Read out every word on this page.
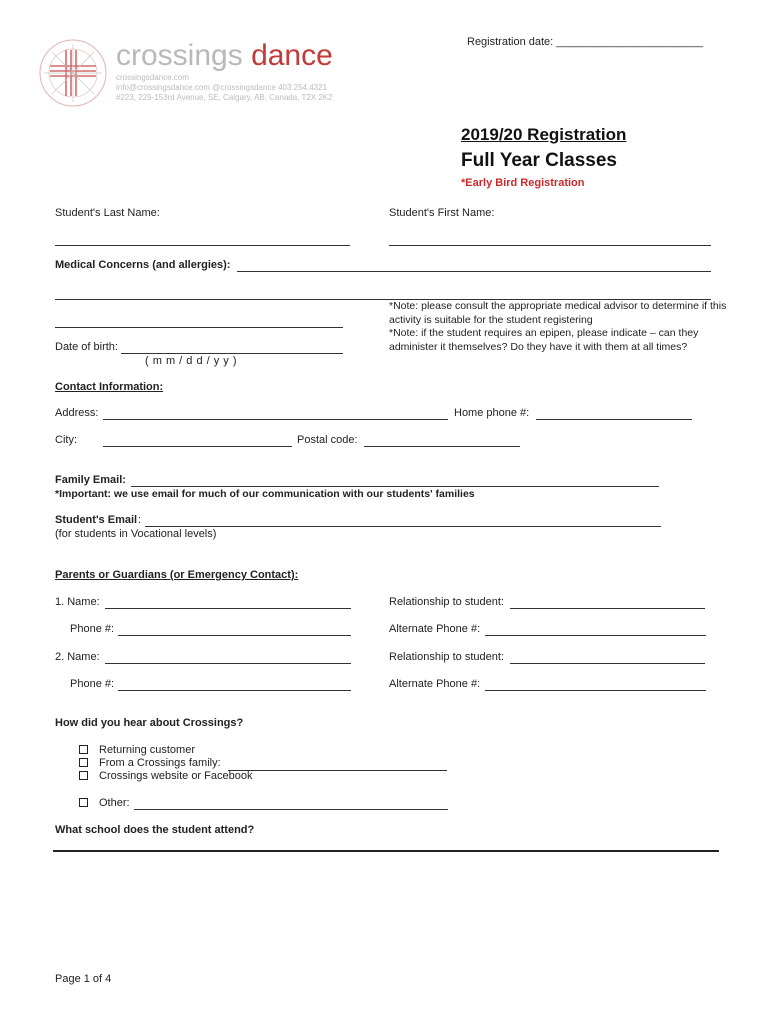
Registration date: ________________________
crossings dance
crossingsdance.com
info@crossingsdance.com @crossingsdance 403.254.4321
#223, 229-153rd Avenue, SE, Calgary, AB, Canada, T2X 2K2
2019/20 Registration
Full Year Classes
*Early Bird Registration
Student's Last Name:	Student's First Name:
Medical Concerns (and allergies):
*Note: please consult the appropriate medical advisor to determine if this activity is suitable for the student registering
*Note: if the student requires an epipen, please indicate – can they administer it themselves? Do they have it with them at all times?
Date of birth:
( m m / d d / y y )
Contact Information:
Address:	Home phone #:
City:	Postal code:
Family Email:
*Important: we use email for much of our communication with our students' families
Student's Email :
(for students in Vocational levels)
Parents or Guardians (or Emergency Contact):
1. Name:	Relationship to student:
Phone #:	Alternate Phone #:
2. Name:	Relationship to student:
Phone #:	Alternate Phone #:
How did you hear about Crossings?
Returning customer
From a Crossings family:
Crossings website or Facebook
Other:
What school does the student attend?
Page 1 of 4
